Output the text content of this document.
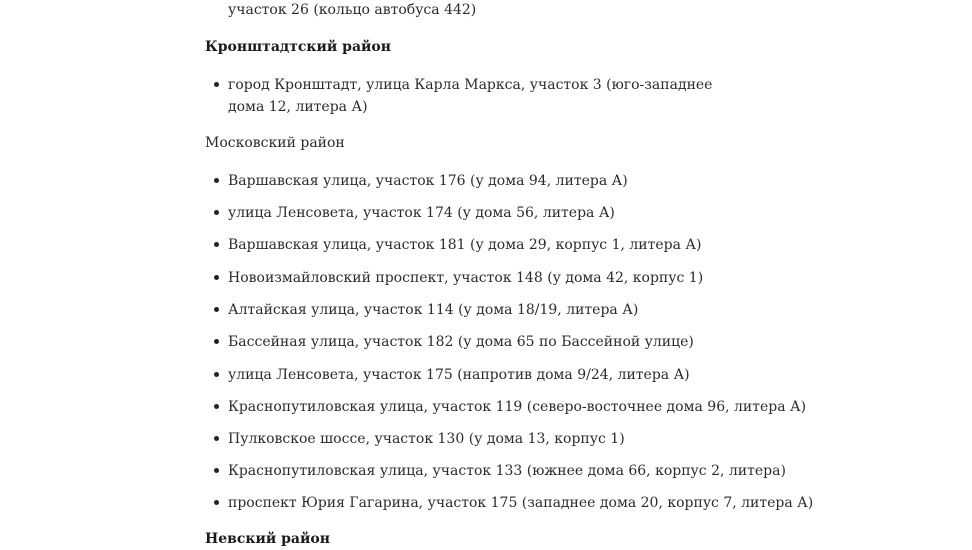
участок 26 (кольцо автобуса 442)
Кронштадтский район
город Кронштадт, улица Карла Маркса, участок 3 (юго-западнее дома 12, литера А)
Московский район
Варшавская улица, участок 176 (у дома 94, литера А)
улица Ленсовета, участок 174 (у дома 56, литера А)
Варшавская улица, участок 181 (у дома 29, корпус 1, литера А)
Новоизмайловский проспект, участок 148 (у дома 42, корпус 1)
Алтайская улица, участок 114 (у дома 18/19, литера А)
Бассейная улица, участок 182 (у дома 65 по Бассейной улице)
улица Ленсовета, участок 175 (напротив дома 9/24, литера А)
Краснопутиловская улица, участок 119 (северо-восточнее дома 96, литера А)
Пулковское шоссе, участок 130 (у дома 13, корпус 1)
Краснопутиловская улица, участок 133 (южнее дома 66, корпус 2, литера)
проспект Юрия Гагарина, участок 175 (западнее дома 20, корпус 7, литера А)
Невский район
